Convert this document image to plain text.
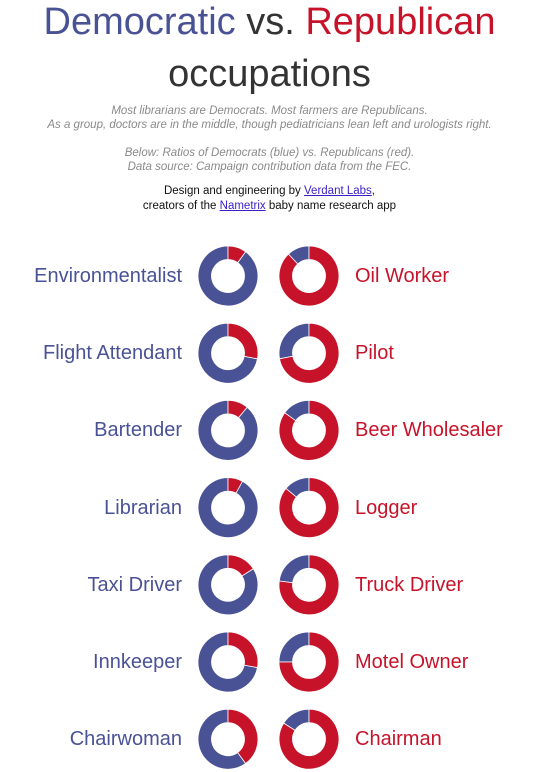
Democratic vs. Republican
occupations
Most librarians are Democrats. Most farmers are Republicans.
As a group, doctors are in the middle, though pediatricians lean left and urologists right.
Below: Ratios of Democrats (blue) vs. Republicans (red).
Data source: Campaign contribution data from the FEC.
Design and engineering by Verdant Labs,
creators of the Nametrix baby name research app
Environmentalist
Flight Attendant
Bartender
Librarian
Taxi Driver
Innkeeper
Chairwoman
Oil Worker
Pilot
Beer Wholesaler
Logger
Truck Driver
Motel Owner
Chairman
